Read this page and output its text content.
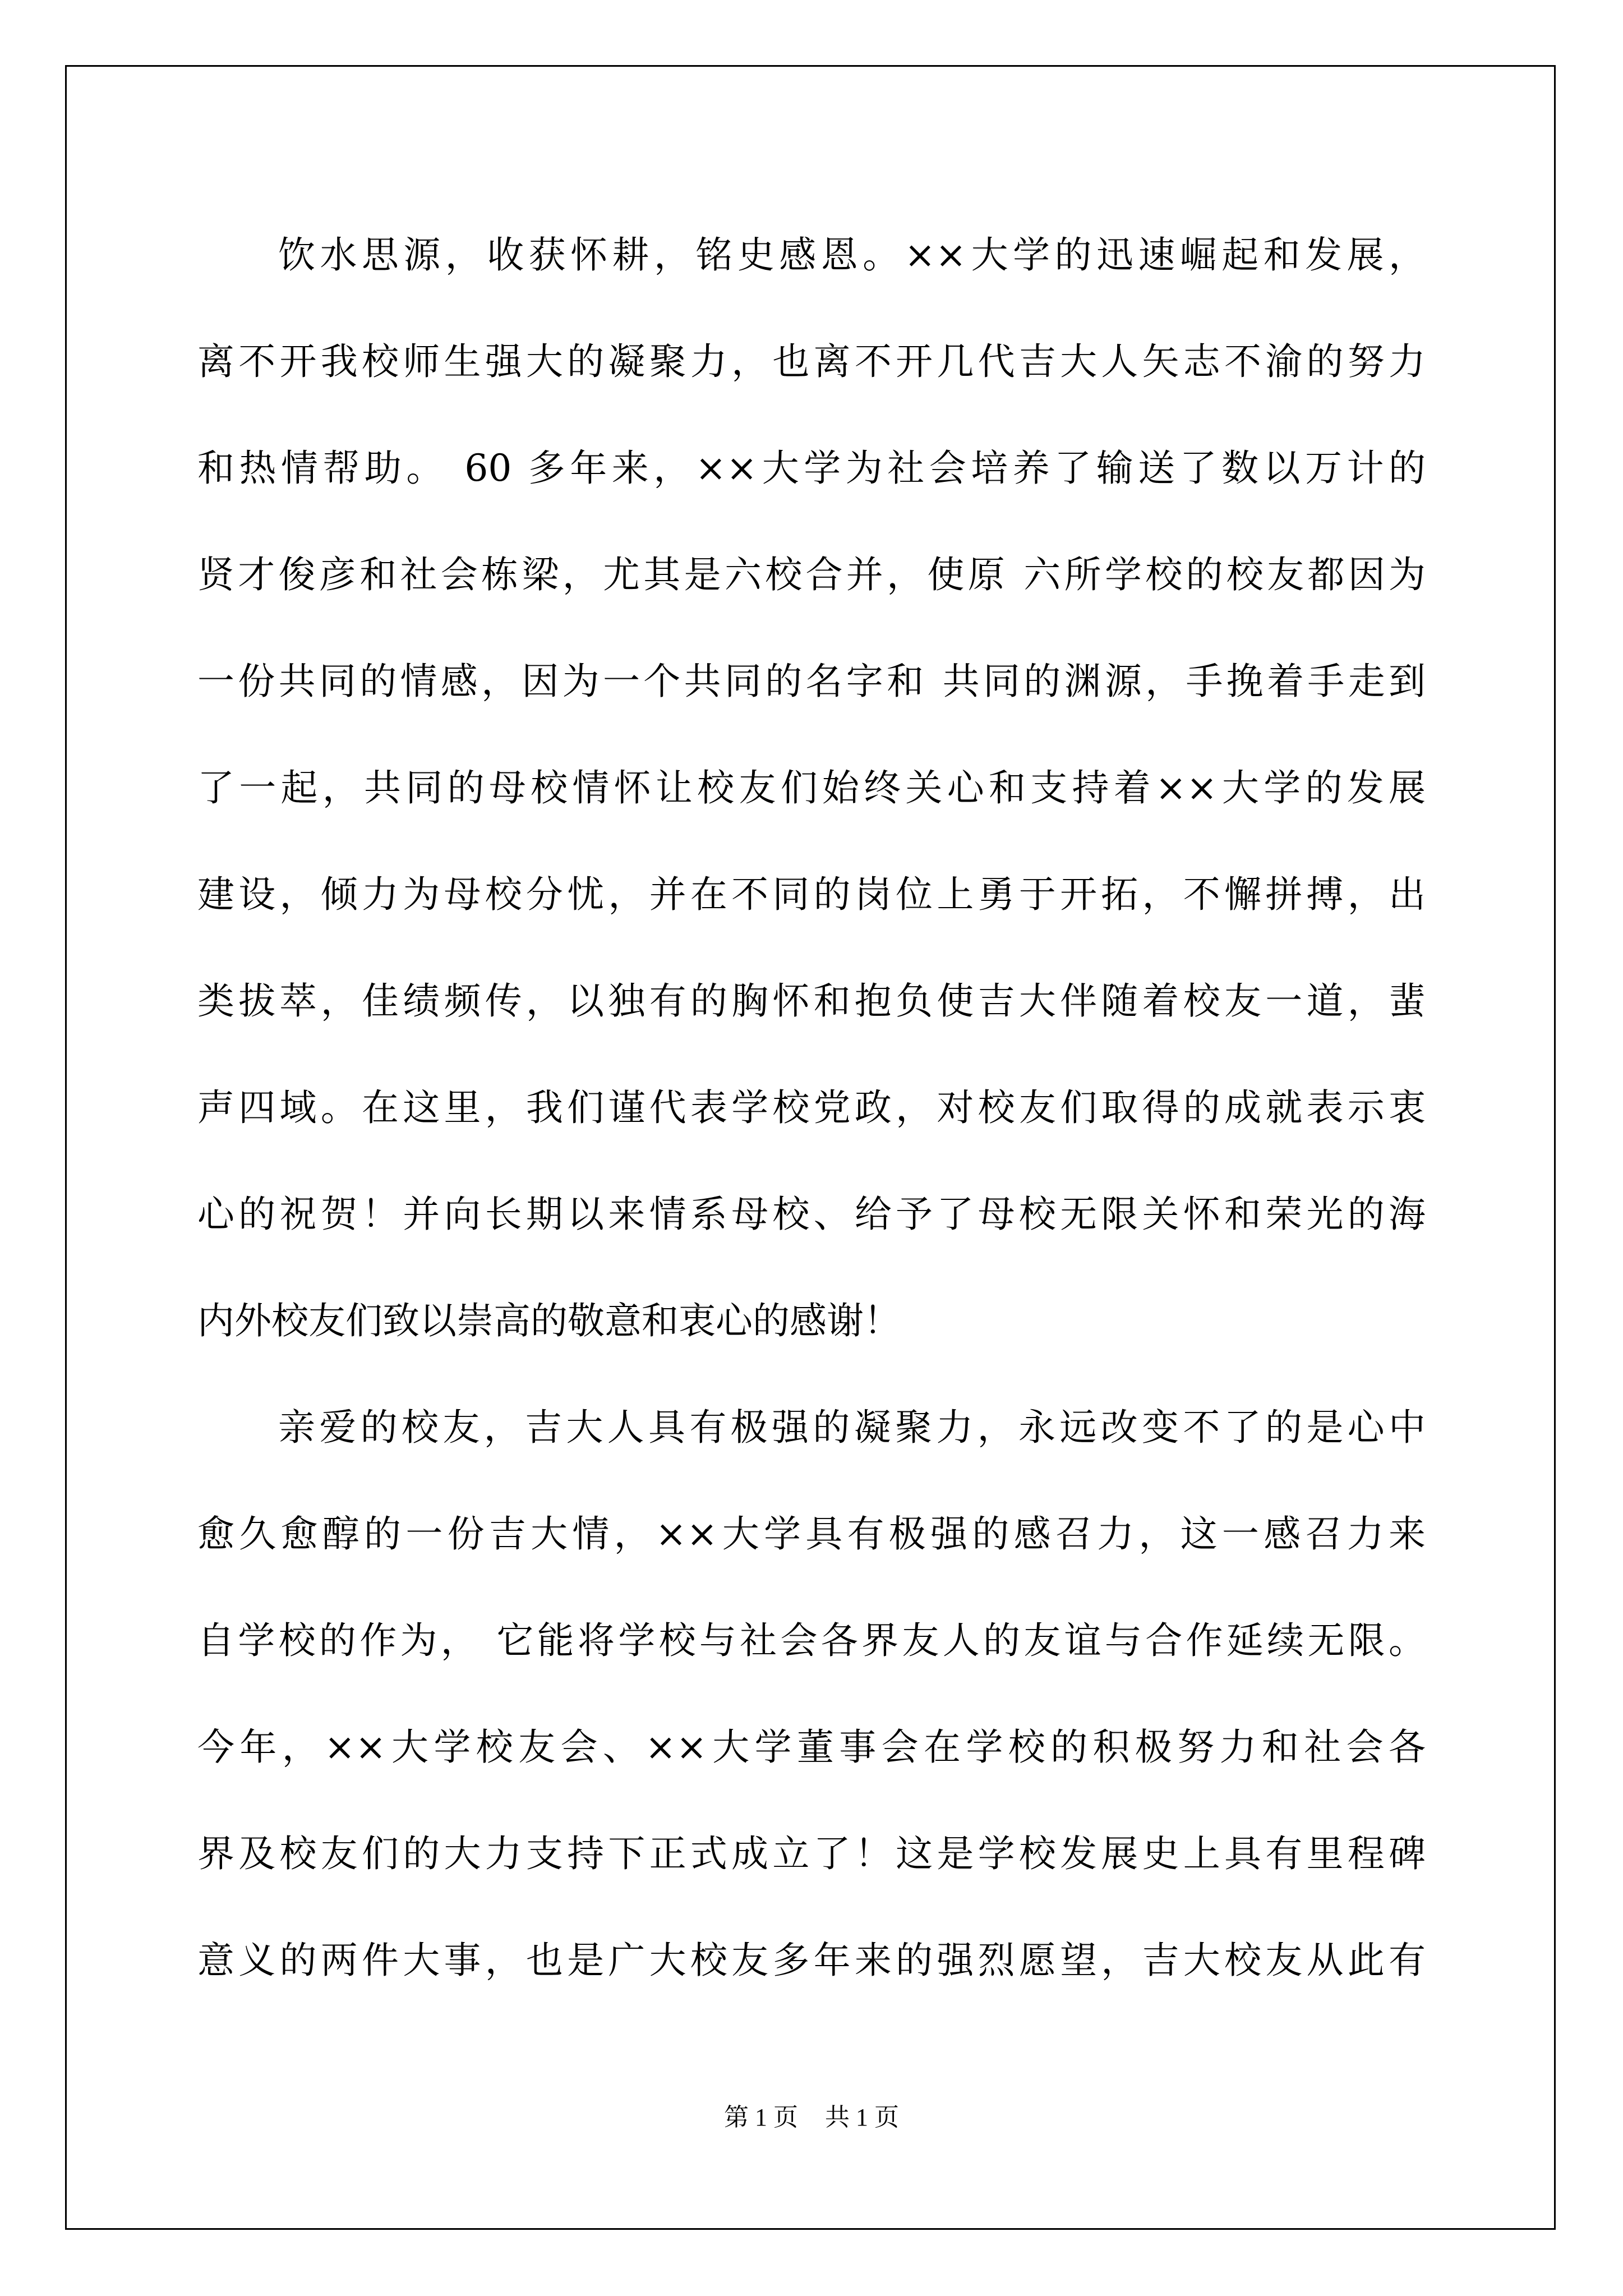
饮水思源，收获怀耕，铭史感恩。××大学的迅速崛起和发展，
离不开我校师生强大的凝聚力，也离不开几代吉大人矢志不渝的努力
和热情帮助。 60 多年来，××大学为社会培养了输送了数以万计的
贤才俊彦和社会栋梁，尤其是六校合并，使原 六所学校的校友都因为
一份共同的情感，因为一个共同的名字和 共同的渊源，手挽着手走到
了一起，共同的母校情怀让校友们始终关心和支持着××大学的发展
建设，倾力为母校分忧，并在不同的岗位上勇于开拓，不懈拼搏，出
类拔萃，佳绩频传，以独有的胸怀和抱负使吉大伴随着校友一道，蜚
声四域。在这里，我们谨代表学校党政，对校友们取得的成就表示衷
心的祝贺！并向长期以来情系母校、给予了母校无限关怀和荣光的海
内外校友们致以崇高的敬意和衷心的感谢！
亲爱的校友，吉大人具有极强的凝聚力，永远改变不了的是心中
愈久愈醇的一份吉大情，××大学具有极强的感召力，这一感召力来
自学校的作为， 它能将学校与社会各界友人的友谊与合作延续无限。
今年，××大学校友会、××大学董事会在学校的积极努力和社会各
界及校友们的大力支持下正式成立了！这是学校发展史上具有里程碑
意义的两件大事，也是广大校友多年来的强烈愿望，吉大校友从此有
第 1 页 共 1 页
